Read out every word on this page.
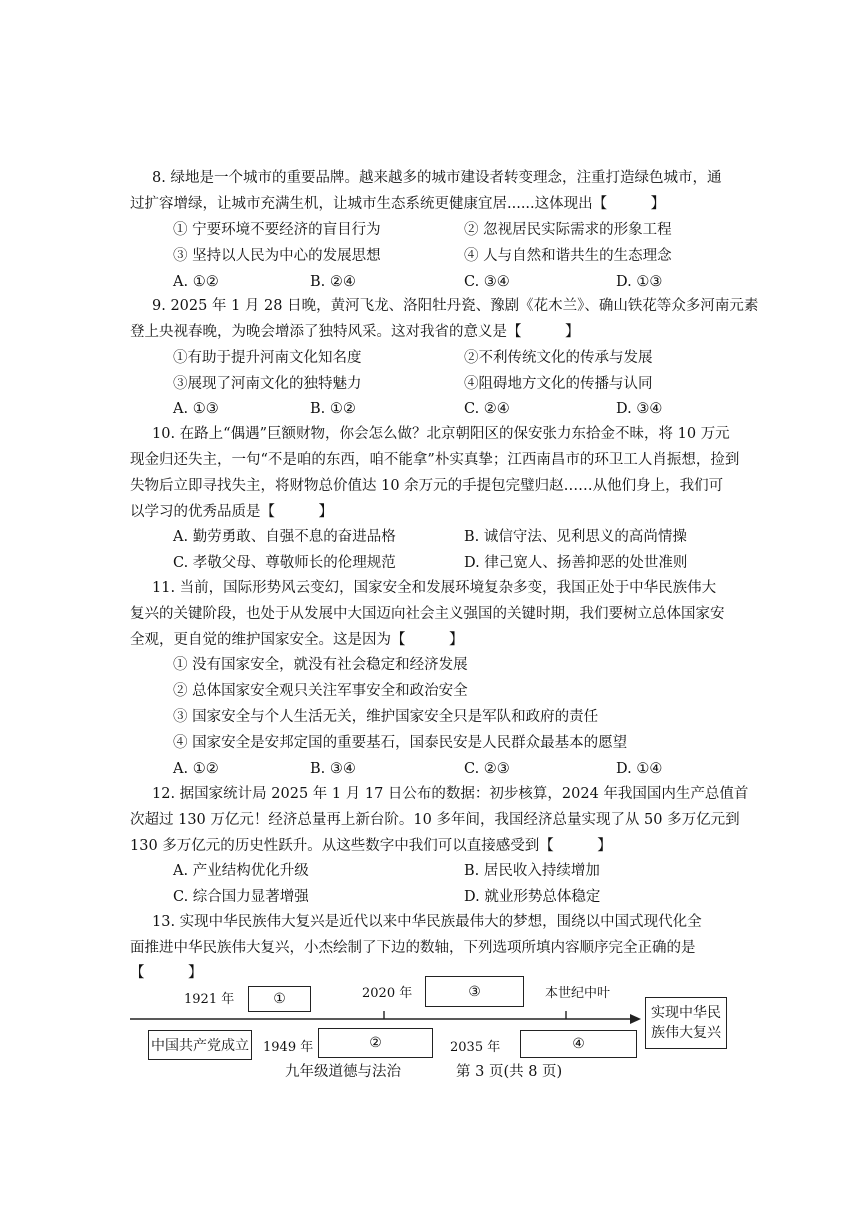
8. 绿地是一个城市的重要品牌。越来越多的城市建设者转变理念，注重打造绿色城市，通
过扩容增绿，让城市充满生机，让城市生态系统更健康宜居......这体现出【　　　】
① 宁要环境不要经济的盲目行为	② 忽视居民实际需求的形象工程
③ 坚持以人民为中心的发展思想	④ 人与自然和谐共生的生态理念
A. ①②	B. ②④	C. ③④	D. ①③
9. 2025 年 1 月 28 日晚，黄河飞龙、洛阳牡丹瓷、豫剧《花木兰》、确山铁花等众多河南元素
登上央视春晚，为晚会增添了独特风采。这对我省的意义是【　　　】
①有助于提升河南文化知名度	②不利传统文化的传承与发展
③展现了河南文化的独特魅力	④阻碍地方文化的传播与认同
A. ①③	B. ①②	C. ②④	D. ③④
10. 在路上“偶遇”巨额财物，你会怎么做？北京朝阳区的保安张力东拾金不昧，将 10 万元
现金归还失主，一句“不是咱的东西，咱不能拿”朴实真挚；江西南昌市的环卫工人肖振想，捡到
失物后立即寻找失主，将财物总价值达 10 余万元的手提包完璧归赵……从他们身上，我们可
以学习的优秀品质是【　　　】
A. 勤劳勇敢、自强不息的奋进品格	B. 诚信守法、见利思义的高尚情操
C. 孝敬父母、尊敬师长的伦理规范	D. 律己宽人、扬善抑恶的处世准则
11. 当前，国际形势风云变幻，国家安全和发展环境复杂多变，我国正处于中华民族伟大
复兴的关键阶段，也处于从发展中大国迈向社会主义强国的关键时期，我们要树立总体国家安
全观，更自觉的维护国家安全。这是因为【　　　】
① 没有国家安全，就没有社会稳定和经济发展
② 总体国家安全观只关注军事安全和政治安全
③ 国家安全与个人生活无关，维护国家安全只是军队和政府的责任
④ 国家安全是安邦定国的重要基石，国泰民安是人民群众最基本的愿望
A. ①②	B. ③④	C. ②③	D. ①④
12. 据国家统计局 2025 年 1 月 17 日公布的数据：初步核算，2024 年我国国内生产总值首
次超过 130 万亿元！经济总量再上新台阶。10 多年间，我国经济总量实现了从 50 多万亿元到
130 多万亿元的历史性跃升。从这些数字中我们可以直接感受到【　　　】
A. 产业结构优化升级	B. 居民收入持续增加
C. 综合国力显著增强	D. 就业形势总体稳定
13. 实现中华民族伟大复兴是近代以来中华民族最伟大的梦想，围绕以中国式现代化全
面推进中华民族伟大复兴，小杰绘制了下边的数轴，下列选项所填内容顺序完全正确的是
【　　　】
1921 年	①	2020 年	③	本世纪中叶
中国共产党成立 1949 年	②	2035 年	④
实现中华民
族伟大复兴
九年级道德与法治	第 3 页(共 8 页)
